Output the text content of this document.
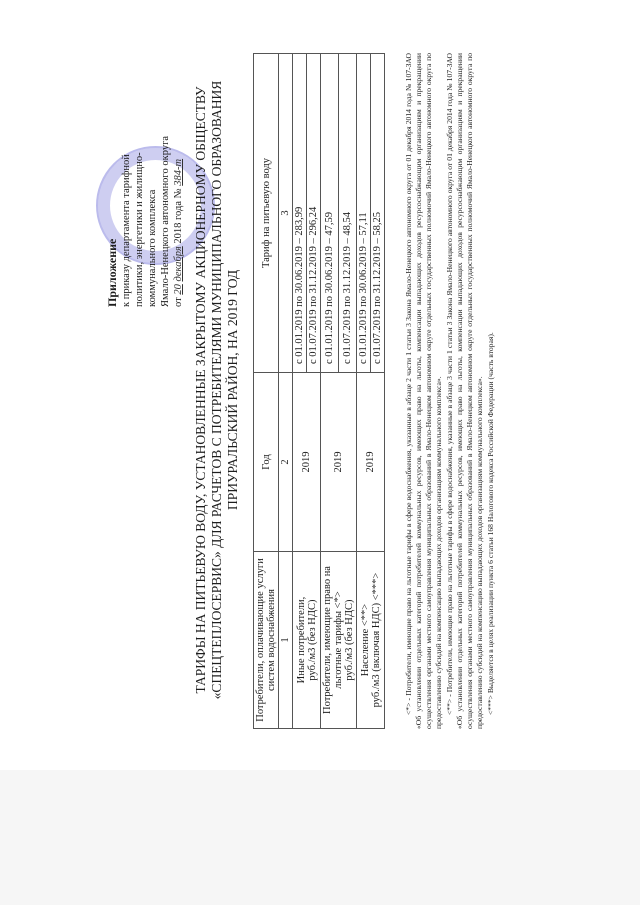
Приложение к приказу департамента тарифной политики, энергетики и жилищно- коммунального комплекса Ямало-Ненецкого автономного округа от 20 декабря 2018 года № 384-т ТАРИФЫ НА ПИТЬЕВУЮ ВОДУ, УСТАНОВЛЕННЫЕ ЗАКРЫТОМУ АКЦИОНЕРНОМУ ОБЩЕСТВУ «СПЕЦТЕПЛОСЕРВИС» ДЛЯ РАСЧЕТОВ С ПОТРЕБИТЕЛЯМИ МУНИЦИПАЛЬНОГО ОБРАЗОВАНИЯ ПРИУРАЛЬСКИЙ РАЙОН, НА 2019 ГОД
Потребители, оплачивающие услуги систем водоснабжения	Год	Тариф на питьевую воду
1	2	3

Иные потребители, руб./м3 (без НДС)	2019	с 01.01.2019 по 30.06.2019 – 283,99
		с 01.07.2019 по 31.12.2019 – 296,24

Потребители, имеющие право на льготные тарифы <*> руб./м3 (без НДС)	2019	с 01.01.2019 по 30.06.2019 – 47,59
		с 01.07.2019 по 31.12.2019 – 48,54

Население <**> руб./м3 (включая НДС) <***>	2019	с 01.01.2019 по 30.06.2019 – 57,11
		с 01.07.2019 по 31.12.2019 – 58,25	<*> - Потребители, имеющие право на льготные тарифы в сфере водоснабжения, указанные в абзаце 2 части 1 статьи 3 Закона Ямало-Ненецкого автономного округа от 01 декабря 2014 года № 107-ЗАО «Об установлении отдельных категорий потребителей коммунальных ресурсов, имеющих право на льготы, компенсации выпадающих доходов ресурсоснабжающим организациям и прекращении осуществления органами местного самоуправления муниципальных образований в Ямало-Ненецком автономном округе отдельных государственных полномочий Ямало-Ненецкого автономного округа по предоставлению субсидий на компенсацию выпадающих доходов организациям коммунального комплекса». <**> - Потребители, имеющие право на льготные тарифы в сфере водоснабжения, указанные в абзаце 3 части 1 статьи 3 Закона Ямало-Ненецкого автономного округа от 01 декабря 2014 года № 107-ЗАО «Об установлении отдельных категорий потребителей коммунальных ресурсов, имеющих право на льготы, компенсации выпадающих доходов ресурсоснабжающим организациям и прекращении осуществления органами местного самоуправления муниципальных образований в Ямало-Ненецком автономном округе отдельных государственных полномочий Ямало-Ненецкого автономного округа по предоставлению субсидий на компенсацию выпадающих доходов организациям коммунального комплекса». <***> Выделяется в целях реализации пункта 6 статьи 168 Налогового кодекса Российской Федерации (часть вторая).
